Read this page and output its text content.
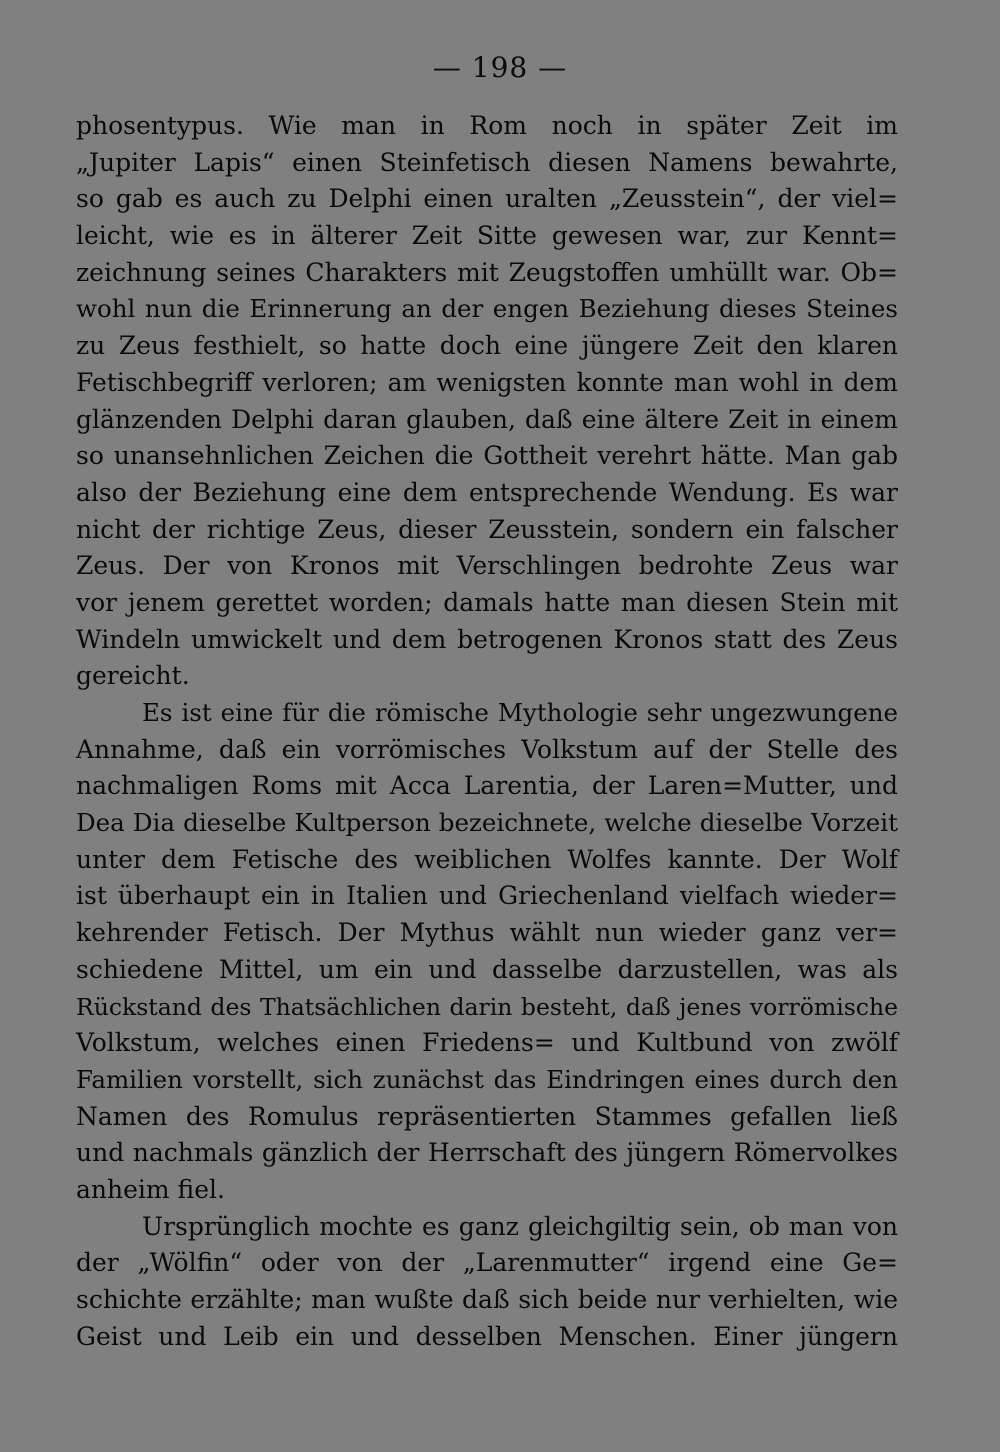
— 198 —
phosentypus. Wie man in Rom noch in später Zeit im
„Jupiter Lapis“ einen Steinfetisch diesen Namens bewahrte,
so gab es auch zu Delphi einen uralten „Zeusstein“, der viel=
leicht, wie es in älterer Zeit Sitte gewesen war, zur Kennt=
zeichnung seines Charakters mit Zeugstoffen umhüllt war. Ob=
wohl nun die Erinnerung an der engen Beziehung dieses Steines
zu Zeus festhielt, so hatte doch eine jüngere Zeit den klaren
Fetischbegriff verloren; am wenigsten konnte man wohl in dem
glänzenden Delphi daran glauben, daß eine ältere Zeit in einem
so unansehnlichen Zeichen die Gottheit verehrt hätte. Man gab
also der Beziehung eine dem entsprechende Wendung. Es war
nicht der richtige Zeus, dieser Zeusstein, sondern ein falscher
Zeus. Der von Kronos mit Verschlingen bedrohte Zeus war
vor jenem gerettet worden; damals hatte man diesen Stein mit
Windeln umwickelt und dem betrogenen Kronos statt des Zeus
gereicht.
Es ist eine für die römische Mythologie sehr ungezwungene
Annahme, daß ein vorrömisches Volkstum auf der Stelle des
nachmaligen Roms mit Acca Larentia, der Laren=Mutter, und
Dea Dia dieselbe Kultperson bezeichnete, welche dieselbe Vorzeit
unter dem Fetische des weiblichen Wolfes kannte. Der Wolf
ist überhaupt ein in Italien und Griechenland vielfach wieder=
kehrender Fetisch. Der Mythus wählt nun wieder ganz ver=
schiedene Mittel, um ein und dasselbe darzustellen, was als
Rückstand des Thatsächlichen darin besteht, daß jenes vorrömische
Volkstum, welches einen Friedens= und Kultbund von zwölf
Familien vorstellt, sich zunächst das Eindringen eines durch den
Namen des Romulus repräsentierten Stammes gefallen ließ
und nachmals gänzlich der Herrschaft des jüngern Römervolkes
anheim fiel.
Ursprünglich mochte es ganz gleichgiltig sein, ob man von
der „Wölfin“ oder von der „Larenmutter“ irgend eine Ge=
schichte erzählte; man wußte daß sich beide nur verhielten, wie
Geist und Leib ein und desselben Menschen. Einer jüngern
